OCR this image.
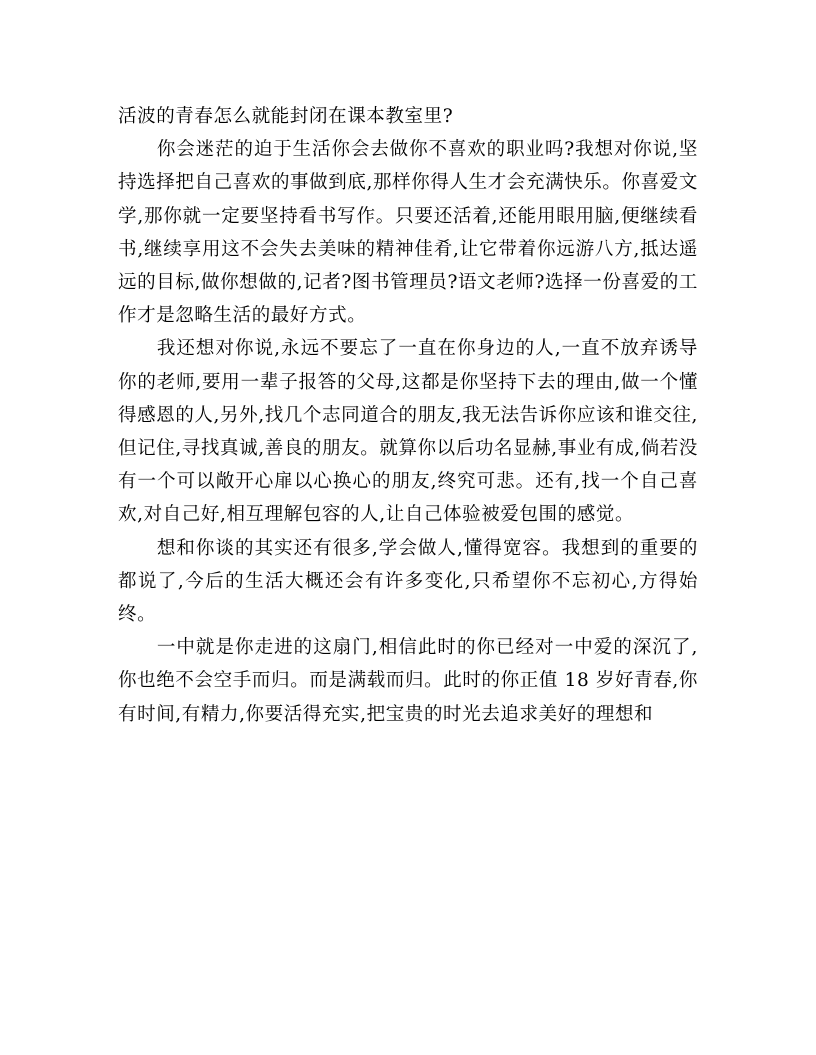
活波的青春怎么就能封闭在课本教室里?

你会迷茫的迫于生活你会去做你不喜欢的职业吗?我想对你说,坚持选择把自己喜欢的事做到底,那样你得人生才会充满快乐。你喜爱文学,那你就一定要坚持看书写作。只要还活着,还能用眼用脑,便继续看书,继续享用这不会失去美味的精神佳肴,让它带着你远游八方,抵达遥远的目标,做你想做的,记者?图书管理员?语文老师?选择一份喜爱的工作才是忽略生活的最好方式。

我还想对你说,永远不要忘了一直在你身边的人,一直不放弃诱导你的老师,要用一辈子报答的父母,这都是你坚持下去的理由,做一个懂得感恩的人,另外,找几个志同道合的朋友,我无法告诉你应该和谁交往,但记住,寻找真诚,善良的朋友。就算你以后功名显赫,事业有成,倘若没有一个可以敞开心扉以心换心的朋友,终究可悲。还有,找一个自己喜欢,对自己好,相互理解包容的人,让自己体验被爱包围的感觉。

想和你谈的其实还有很多,学会做人,懂得宽容。我想到的重要的都说了,今后的生活大概还会有许多变化,只希望你不忘初心,方得始终。

一中就是你走进的这扇门,相信此时的你已经对一中爱的深沉了,你也绝不会空手而归。而是满载而归。此时的你正值 18 岁好青春,你有时间,有精力,你要活得充实,把宝贵的时光去追求美好的理想和
